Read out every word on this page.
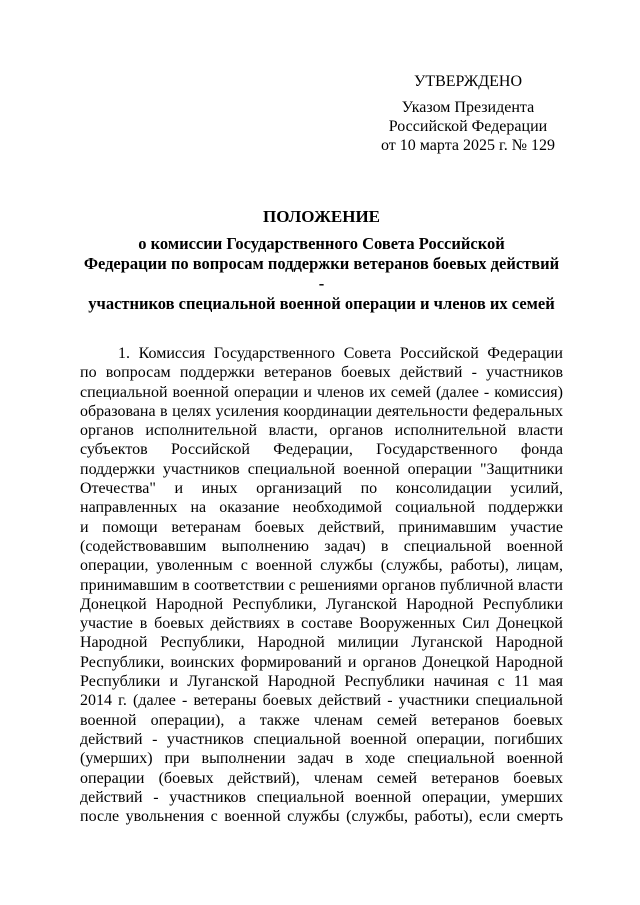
УТВЕРЖДЕНО
Указом Президента
Российской Федерации
от 10 марта 2025 г. № 129
ПОЛОЖЕНИЕ
о комиссии Государственного Совета Российской
Федерации по вопросам поддержки ветеранов боевых действий -
участников специальной военной операции и членов их семей
1. Комиссия Государственного Совета Российской Федерации
по вопросам поддержки ветеранов боевых действий - участников
специальной военной операции и членов их семей (далее - комиссия)
образована в целях усиления координации деятельности федеральных
органов исполнительной власти, органов исполнительной власти
субъектов Российской Федерации, Государственного фонда
поддержки участников специальной военной операции "Защитники
Отечества" и иных организаций по консолидации усилий,
направленных на оказание необходимой социальной поддержки
и помощи ветеранам боевых действий, принимавшим участие
(содействовавшим выполнению задач) в специальной военной
операции, уволенным с военной службы (службы, работы), лицам,
принимавшим в соответствии с решениями органов публичной власти
Донецкой Народной Республики, Луганской Народной Республики
участие в боевых действиях в составе Вооруженных Сил Донецкой
Народной Республики, Народной милиции Луганской Народной
Республики, воинских формирований и органов Донецкой Народной
Республики и Луганской Народной Республики начиная с 11 мая
2014 г. (далее - ветераны боевых действий - участники специальной
военной операции), а также членам семей ветеранов боевых
действий - участников специальной военной операции, погибших
(умерших) при выполнении задач в ходе специальной военной
операции (боевых действий), членам семей ветеранов боевых
действий - участников специальной военной операции, умерших
после увольнения с военной службы (службы, работы), если смерть
